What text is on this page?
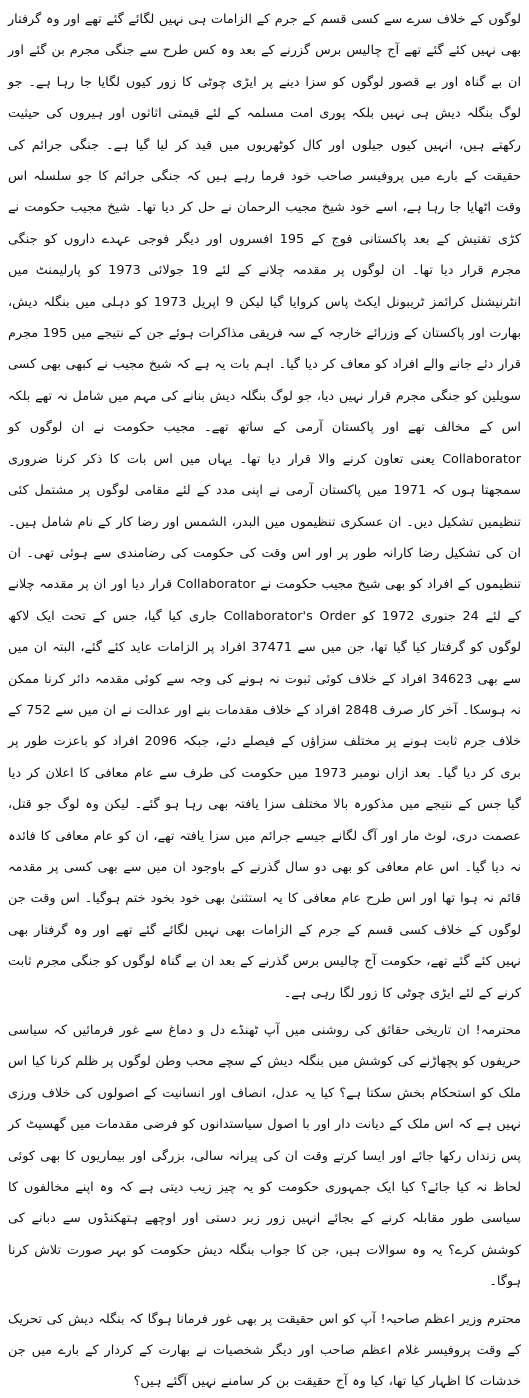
لوگوں کے خلاف سرے سے کسی قسم کے جرم کے الزامات ہی نہیں لگائے گئے تھے اور وہ گرفتار بھی نہیں کئے گئے تھے آج چالیس برس گزرنے کے بعد وہ کس طرح سے جنگی مجرم بن گئے اور ان بے گناہ اور بے قصور لوگوں کو سزا دینے پر ایڑی چوٹی کا زور کیوں لگایا جا رہا ہے۔ جو لوگ بنگلہ دیش ہی نہیں بلکہ پوری امت مسلمہ کے لئے قیمتی اثاثوں اور ہیروں کی حیثیت رکھتے ہیں، انہیں کیوں جیلوں اور کال کوٹھریوں میں قید کر لیا گیا ہے۔ جنگی جرائم کی حقیقت کے بارے میں پروفیسر صاحب خود فرما رہے ہیں کہ جنگی جرائم کا جو سلسلہ اس وقت اٹھایا جا رہا ہے، اسے خود شیخ مجیب الرحمان نے حل کر دیا تھا۔ شیخ مجیب حکومت نے کڑی تفتیش کے بعد پاکستانی فوج کے 195 افسروں اور دیگر فوجی عہدے داروں کو جنگی مجرم قرار دیا تھا۔ ان لوگوں پر مقدمہ چلانے کے لئے 19 جولائی 1973 کو پارلیمنٹ میں انٹرنیشنل کرائمز ٹریبونل ایکٹ پاس کروایا گیا لیکن 9 اپریل 1973 کو دہلی میں بنگلہ دیش، بھارت اور پاکستان کے وزرائے خارجہ کے سہ فریقی مذاکرات ہوئے جن کے نتیجے میں 195 مجرم قرار دئے جانے والے افراد کو معاف کر دیا گیا۔ اہم بات یہ ہے کہ شیخ مجیب نے کبھی بھی کسی سویلین کو جنگی مجرم قرار نہیں دیا، جو لوگ بنگلہ دیش بنانے کی مہم میں شامل نہ تھے بلکہ اس کے مخالف تھے اور پاکستان آرمی کے ساتھ تھے۔ مجیب حکومت نے ان لوگوں کو Collaborator یعنی تعاون کرنے والا قرار دیا تھا۔ یہاں میں اس بات کا ذکر کرنا ضروری سمجھتا ہوں کہ 1971 میں پاکستان آرمی نے اپنی مدد کے لئے مقامی لوگوں پر مشتمل کئی تنظیمیں تشکیل دیں۔ ان عسکری تنظیموں میں البدر، الشمس اور رضا کار کے نام شامل ہیں۔ ان کی تشکیل رضا کارانہ طور پر اور اس وقت کی حکومت کی رضامندی سے ہوئی تھی۔ ان تنظیموں کے افراد کو بھی شیخ مجیب حکومت نے Collaborator قرار دیا اور ان پر مقدمہ چلانے کے لئے 24 جنوری 1972 کو Collaborator's Order جاری کیا گیا، جس کے تحت ایک لاکھ لوگوں کو گرفتار کیا گیا تھا، جن میں سے 37471 افراد پر الزامات عاید کئے گئے، البتہ ان میں سے بھی 34623 افراد کے خلاف کوئی ثبوت نہ ہونے کی وجہ سے کوئی مقدمہ دائر کرنا ممکن نہ ہوسکا۔ آخر کار صرف 2848 افراد کے خلاف مقدمات بنے اور عدالت نے ان میں سے 752 کے خلاف جرم ثابت ہونے پر مختلف سزاؤں کے فیصلے دئے، جبکہ 2096 افراد کو باعزت طور پر بری کر دیا گیا۔ بعد ازاں نومبر 1973 میں حکومت کی طرف سے عام معافی کا اعلان کر دیا گیا جس کے نتیجے میں مذکورہ بالا مختلف سزا یافتہ بھی رہا ہو گئے۔ لیکن وہ لوگ جو قتل، عصمت دری، لوٹ مار اور آگ لگانے جیسے جرائم میں سزا یافتہ تھے، ان کو عام معافی کا فائدہ نہ دیا گیا۔ اس عام معافی کو بھی دو سال گذرنے کے باوجود ان میں سے بھی کسی پر مقدمہ قائم نہ ہوا تھا اور اس طرح عام معافی کا یہ استثنیٰ بھی خود بخود ختم ہوگیا۔ اس وقت جن لوگوں کے خلاف کسی قسم کے جرم کے الزامات بھی نہیں لگائے گئے تھے اور وہ گرفتار بھی نہیں کئے گئے تھے، حکومت آج چالیس برس گذرنے کے بعد ان بے گناہ لوگوں کو جنگی مجرم ثابت کرنے کے لئے ایڑی چوٹی کا زور لگا رہی ہے۔

محترمہ! ان تاریخی حقائق کی روشنی میں آپ ٹھنڈے دل و دماغ سے غور فرمائیں کہ سیاسی حریفوں کو پچھاڑنے کی کوشش میں بنگلہ دیش کے سچے محب وطن لوگوں پر ظلم کرنا کیا اس ملک کو استحکام بخش سکتا ہے؟ کیا یہ عدل، انصاف اور انسانیت کے اصولوں کی خلاف ورزی نہیں ہے کہ اس ملک کے دیانت دار اور با اصول سیاستدانوں کو فرضی مقدمات میں گھسیٹ کر پس زنداں رکھا جائے اور ایسا کرتے وقت ان کی پیرانہ سالی، بزرگی اور بیماریوں کا بھی کوئی لحاظ نہ کیا جائے؟ کیا ایک جمہوری حکومت کو یہ چیز زیب دیتی ہے کہ وہ اپنے مخالفوں کا سیاسی طور مقابلہ کرنے کے بجائے انہیں زور زبر دستی اور اوچھے ہتھکنڈوں سے دبانے کی کوشش کرے؟ یہ وہ سوالات ہیں، جن کا جواب بنگلہ دیش حکومت کو بہر صورت تلاش کرنا ہوگا۔

محترم وزیر اعظم صاحبہ! آپ کو اس حقیقت پر بھی غور فرمانا ہوگا کہ بنگلہ دیش کی تحریک کے وقت پروفیسر غلام اعظم صاحب اور دیگر شخصیات نے بھارت کے کردار کے بارے میں جن خدشات کا اظہار کیا تھا، کیا وہ آج حقیقت بن کر سامنے نہیں آگئے ہیں؟
